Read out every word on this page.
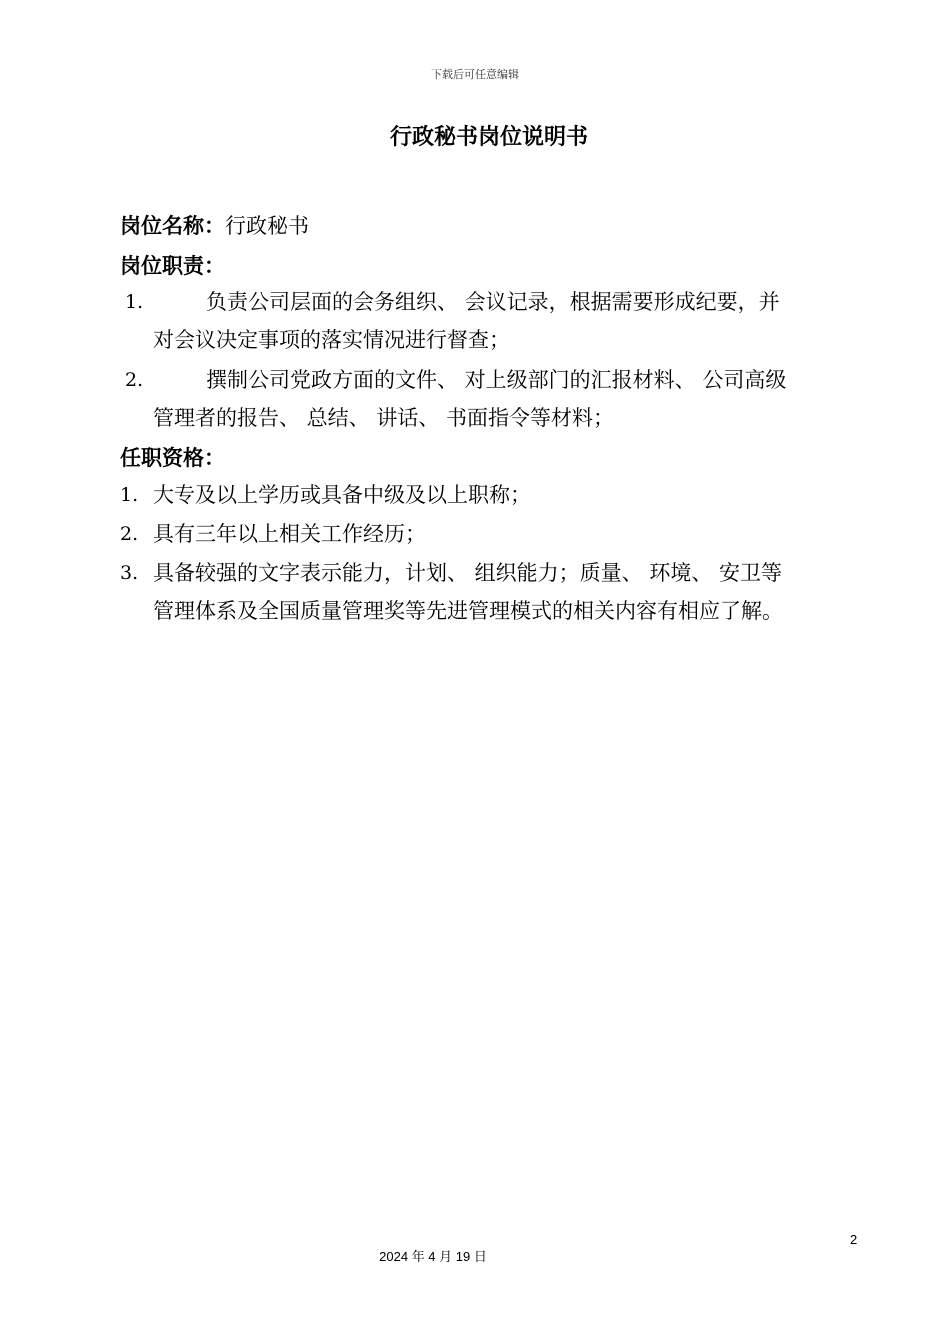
下载后可任意编辑
行政秘书岗位说明书
岗位名称：行政秘书
岗位职责：
1.	负责公司层面的会务组织、 会议记录，根据需要形成纪要，并
对会议决定事项的落实情况进行督查；
2.	撰制公司党政方面的文件、 对上级部门的汇报材料、 公司高级
管理者的报告、 总结、 讲话、 书面指令等材料；
任职资格：
1. 大专及以上学历或具备中级及以上职称；
2. 具有三年以上相关工作经历；
3. 具备较强的文字表示能力，计划、 组织能力；质量、 环境、 安卫等
管理体系及全国质量管理奖等先进管理模式的相关内容有相应了解。
2
2024 年 4 月 19 日
